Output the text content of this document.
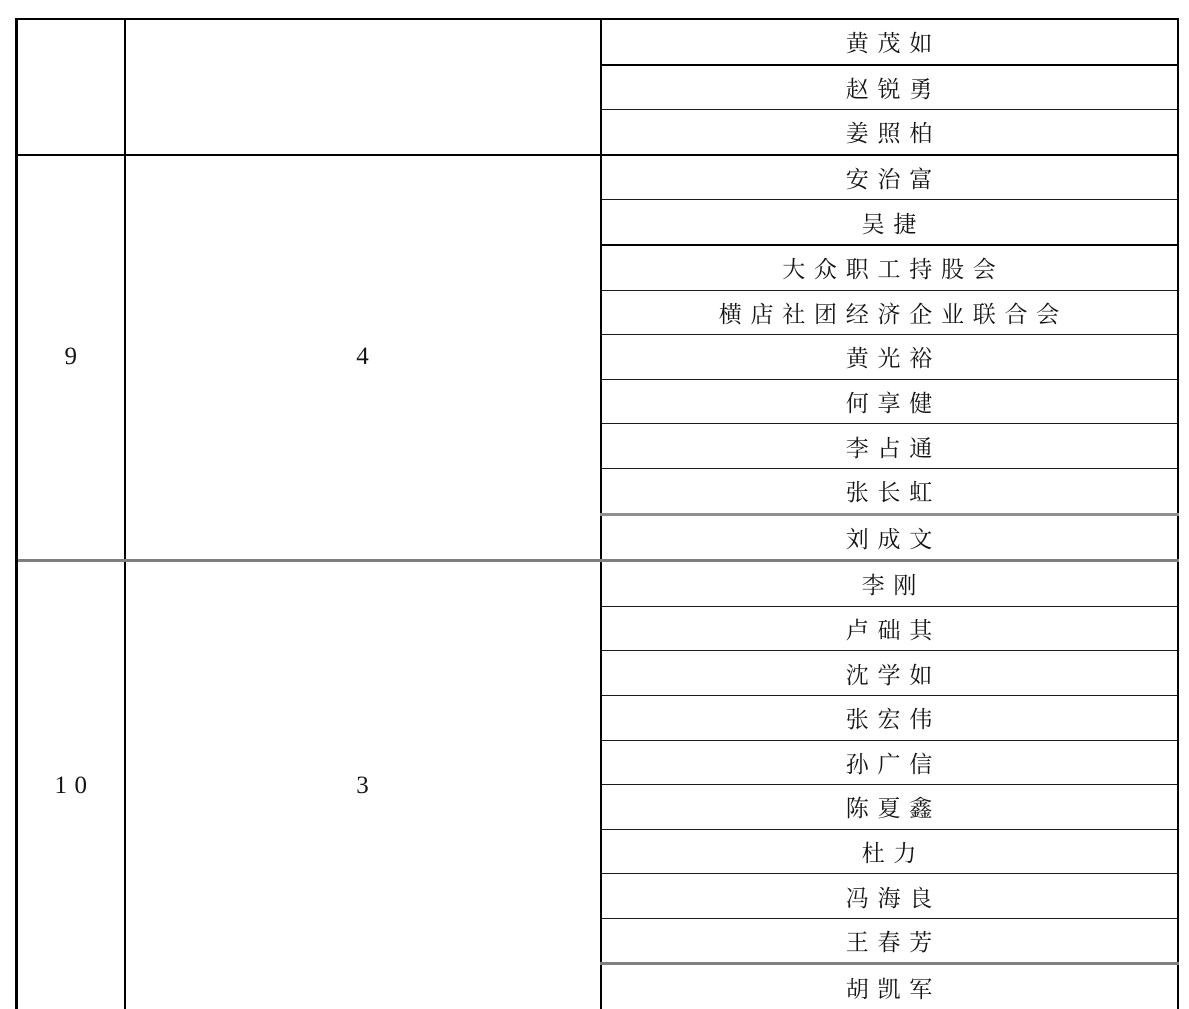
		黄茂如
		赵锐勇
		姜照柏
9	4	安治富
		吴捷
		大众职工持股会
		横店社团经济企业联合会
		黄光裕
		何享健
		李占通
		张长虹
		刘成文
10	3	李刚
		卢础其
		沈学如
		张宏伟
		孙广信
		陈夏鑫
		杜力
		冯海良
		王春芳
		胡凯军
